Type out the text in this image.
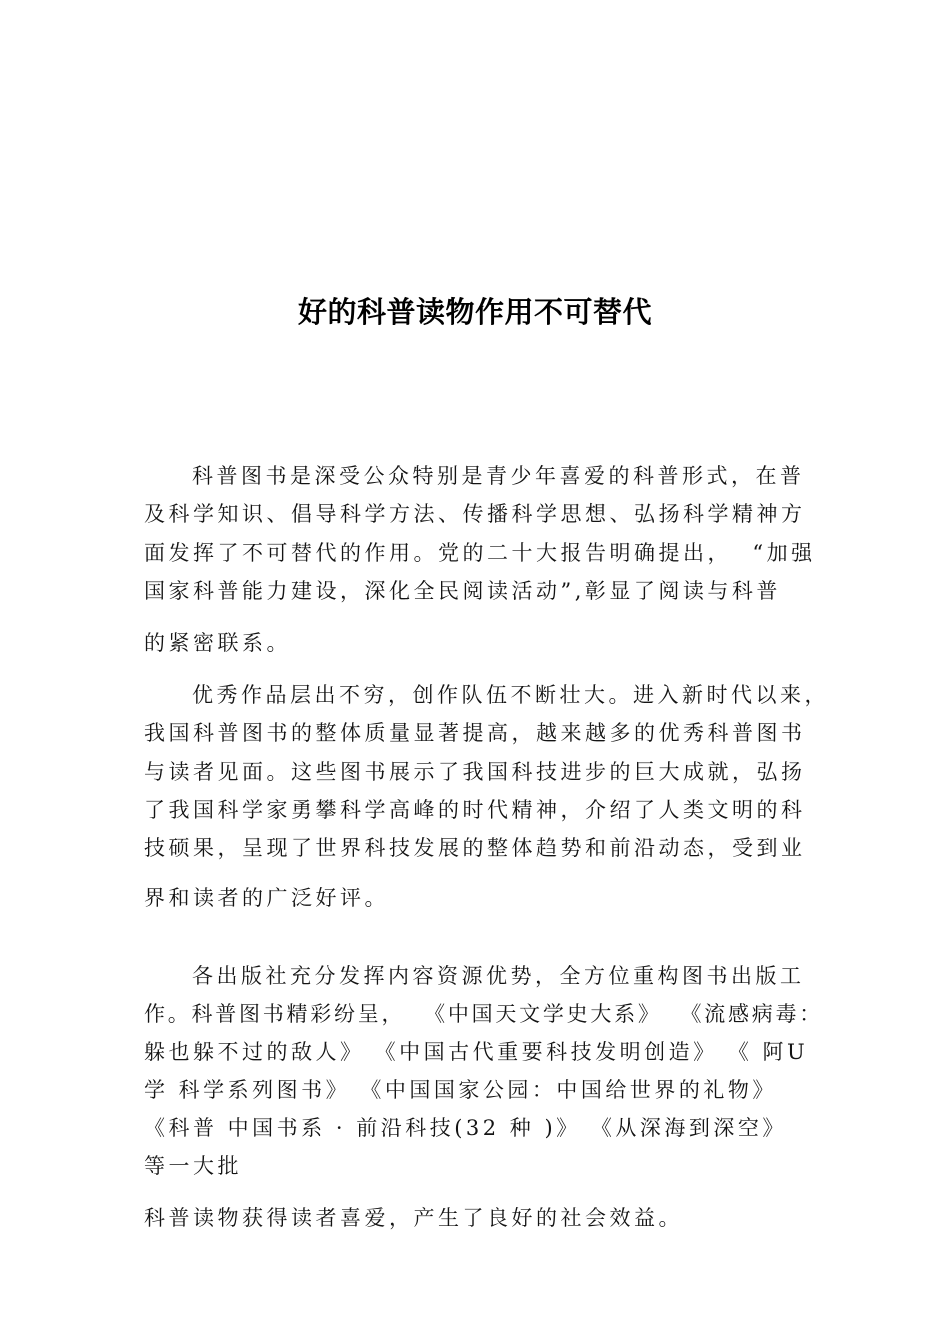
好的科普读物作用不可替代
科普图书是深受公众特别是青少年喜爱的科普形式，在普
及科学知识、倡导科学方法、传播科学思想、弘扬科学精神方
面发挥了不可替代的作用。党的二十大报告明确提出，  “加强
国家科普能力建设，深化全民阅读活动”,彰显了阅读与科普
的紧密联系。
优秀作品层出不穷，创作队伍不断壮大。进入新时代以来，
我国科普图书的整体质量显著提高，越来越多的优秀科普图书
与读者见面。这些图书展示了我国科技进步的巨大成就，弘扬
了我国科学家勇攀科学高峰的时代精神，介绍了人类文明的科
技硕果，呈现了世界科技发展的整体趋势和前沿动态，受到业
界和读者的广泛好评。
各出版社充分发挥内容资源优势，全方位重构图书出版工
作。科普图书精彩纷呈，  《中国天文学史大系》  《流感病毒：
躲也躲不过的敌人》 《中国古代重要科技发明创造》 《 阿U
学 科学系列图书》 《中国国家公园：中国给世界的礼物》
《科普 中国书系 · 前沿科技(32 种 )》 《从深海到深空》
等一大批
科普读物获得读者喜爱，产生了良好的社会效益。
